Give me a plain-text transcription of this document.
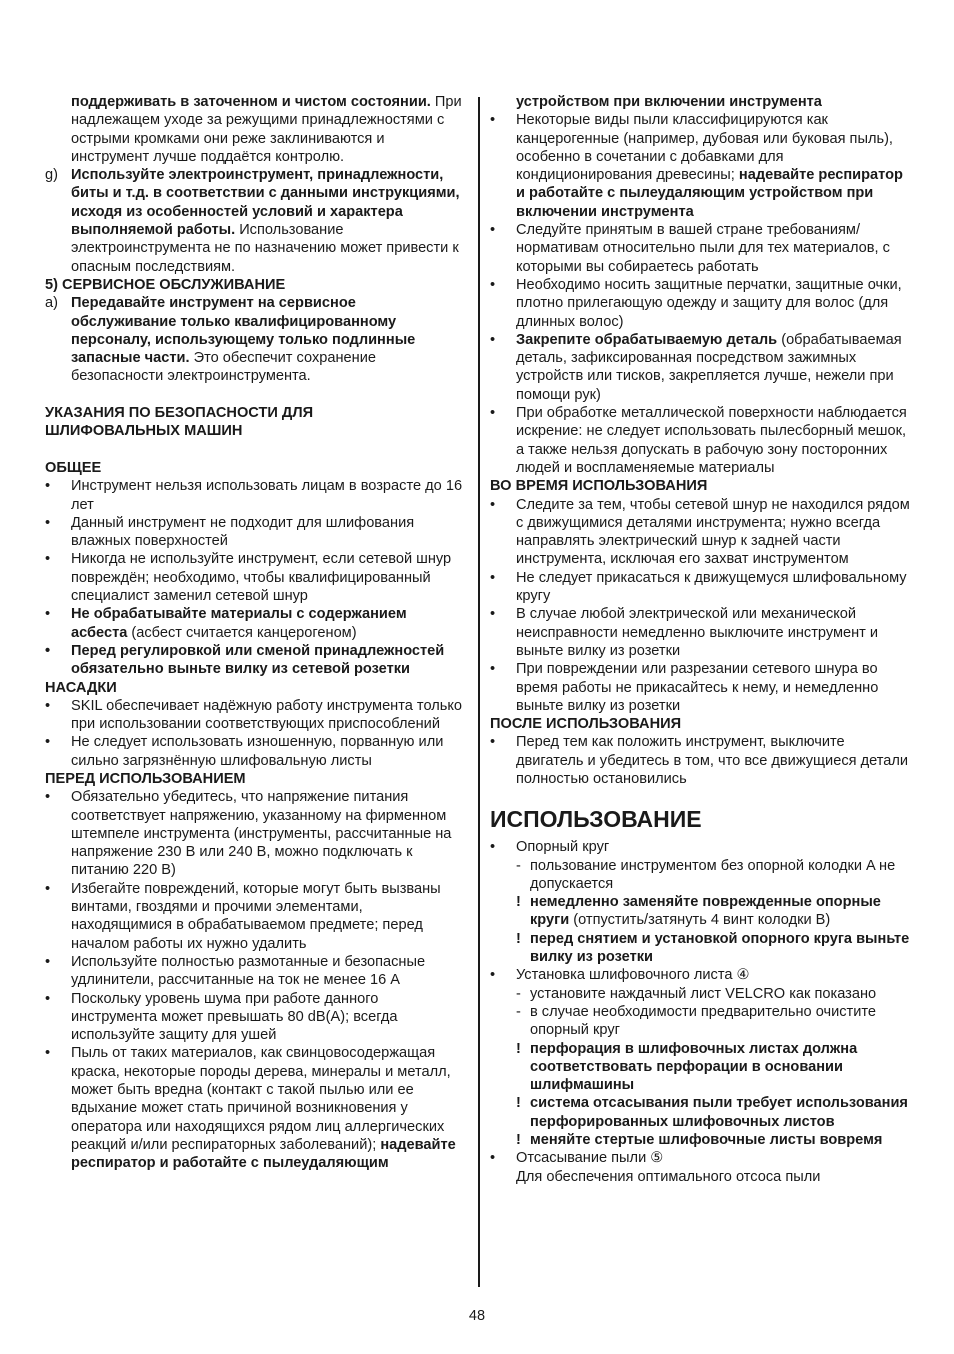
поддерживать в заточенном и чистом состоянии. При надлежащем уходе за режущими принадлежностями с острыми кромками они реже заклиниваются и инструмент лучше поддаётся контролю.

g) Используйте электроинструмент, принадлежности, биты и т.д. в соответствии с данными инструкциями, исходя из особенностей условий и характера выполняемой работы. Использование электроинструмента не по назначению может привести к опасным последствиям.

5) СЕРВИСНОЕ ОБСЛУЖИВАНИЕ

a) Передавайте инструмент на сервисное обслуживание только квалифицированному персоналу, использующему только подлинные запасные части. Это обеспечит сохранение безопасности электроинструмента.

УКАЗАНИЯ ПО БЕЗОПАСНОСТИ ДЛЯ

ШЛИФОВАЛЬНЫХ МАШИН

ОБЩЕЕ

• Инструмент нельзя использовать лицам в возрасте до 16 лет

• Данный инструмент не подходит для шлифования влажных поверхностей

• Никогда не используйте инструмент, если сетевой шнур повреждён; необходимо, чтобы квалифицированный специалист заменил сетевой шнур

• Не обрабатывайте материалы с содержанием асбеста (асбест считается канцерогеном)

• Перед регулировкой или сменой принадлежностей обязательно выньте вилку из сетевой розетки

НАСАДКИ

• SKIL обеспечивает надёжную работу инструмента только при использовании соответствующих приспособлений

• Не следует использовать изношенную, порванную или сильно загрязнённую шлифовальную листы

ПЕРЕД ИСПОЛЬЗОВАНИЕМ

• Обязательно убедитесь, что напряжение питания соответствует напряжению, указанному на фирменном штемпеле инструмента (инструменты, рассчитанные на напряжение 230 В или 240 В, можно подключать к питанию 220 В)

• Избегайте повреждений, которые могут быть вызваны винтами, гвоздями и прочими элементами, находящимися в обрабатываемом предмете; перед началом работы их нужно удалить

• Используйте полностью размотанные и безопасные удлинители, рассчитанные на ток не менее 16 A

• Поскольку уровень шума при работе данного инструмента может превышать 80 dB(A); всегда используйте защиту для ушей

• Пыль от таких материалов, как свинцовосодержащая краска, некоторые породы дерева, минералы и металл, может быть вредна (контакт с такой пылью или ее вдыхание может стать причиной возникновения у оператора или находящихся рядом лиц аллергических реакций и/или респираторных заболеваний); надевайте респиратор и работайте с пылеудаляющим

устройством при включении инструмента

• Некоторые виды пыли классифицируются как канцерогенные (например, дубовая или буковая пыль), особенно в сочетании с добавками для кондиционирования древесины; надевайте респиратор и работайте с пылеудаляющим устройством при включении инструмента

• Следуйте принятым в вашей стране требованиям/ нормативам относительно пыли для тех материалов, с которыми вы собираетесь работать

• Необходимо носить защитные перчатки, защитные очки, плотно прилегающую одежду и защиту для волос (для длинных волос)

• Закрепите обрабатываемую деталь (обрабатываемая деталь, зафиксированная посредством зажимных устройств или тисков, закрепляется лучше, нежели при помощи рук)

• При обработке металлической поверхности наблюдается искрение: не следует использовать пылесборный мешок, а также нельзя допускать в рабочую зону посторонних людей и воспламеняемые материалы

ВО ВРЕМЯ ИСПОЛЬЗОВАНИЯ

• Следите за тем, чтобы сетевой шнур не находился рядом с движущимися деталями инструмента; нужно всегда направлять электрический шнур к задней части инструмента, исключая его захват инструментом

• Не следует прикасаться к движущемуся шлифовальному кругу

• В случае любой электрической или механической неисправности немедленно выключите инструмент и выньте вилку из розетки

• При повреждении или разрезании сетевого шнура во время работы не прикасайтесь к нему, и немедленно выньте вилку из розетки

ПОСЛЕ ИСПОЛЬЗОВАНИЯ

• Перед тем как положить инструмент, выключите двигатель и убедитесь в том, что все движущиеся детали полностью остановились

ИСПОЛЬЗОВАНИЕ

• Опорный круг

- пользование инструментом без опорной колодки A не допускается

! немедленно заменяйте поврежденные опорные круги (отпустить/затянуть 4 винт колодки B)

! перед снятием и установкой опорного круга выньте вилку из розетки

• Установка шлифовочного листа ④

- установите наждачный лист VELCRO как показано

- в случае необходимости предварительно очистите опорный круг

! перфорация в шлифовочных листах должна соответствовать перфорации в основании шлифмашины

! система отсасывания пыли требует использования перфорированных шлифовочных листов

! меняйте стертые шлифовочные листы вовремя

• Отсасывание пыли ⑤

Для обеспечения оптимального отсоса пыли

48
